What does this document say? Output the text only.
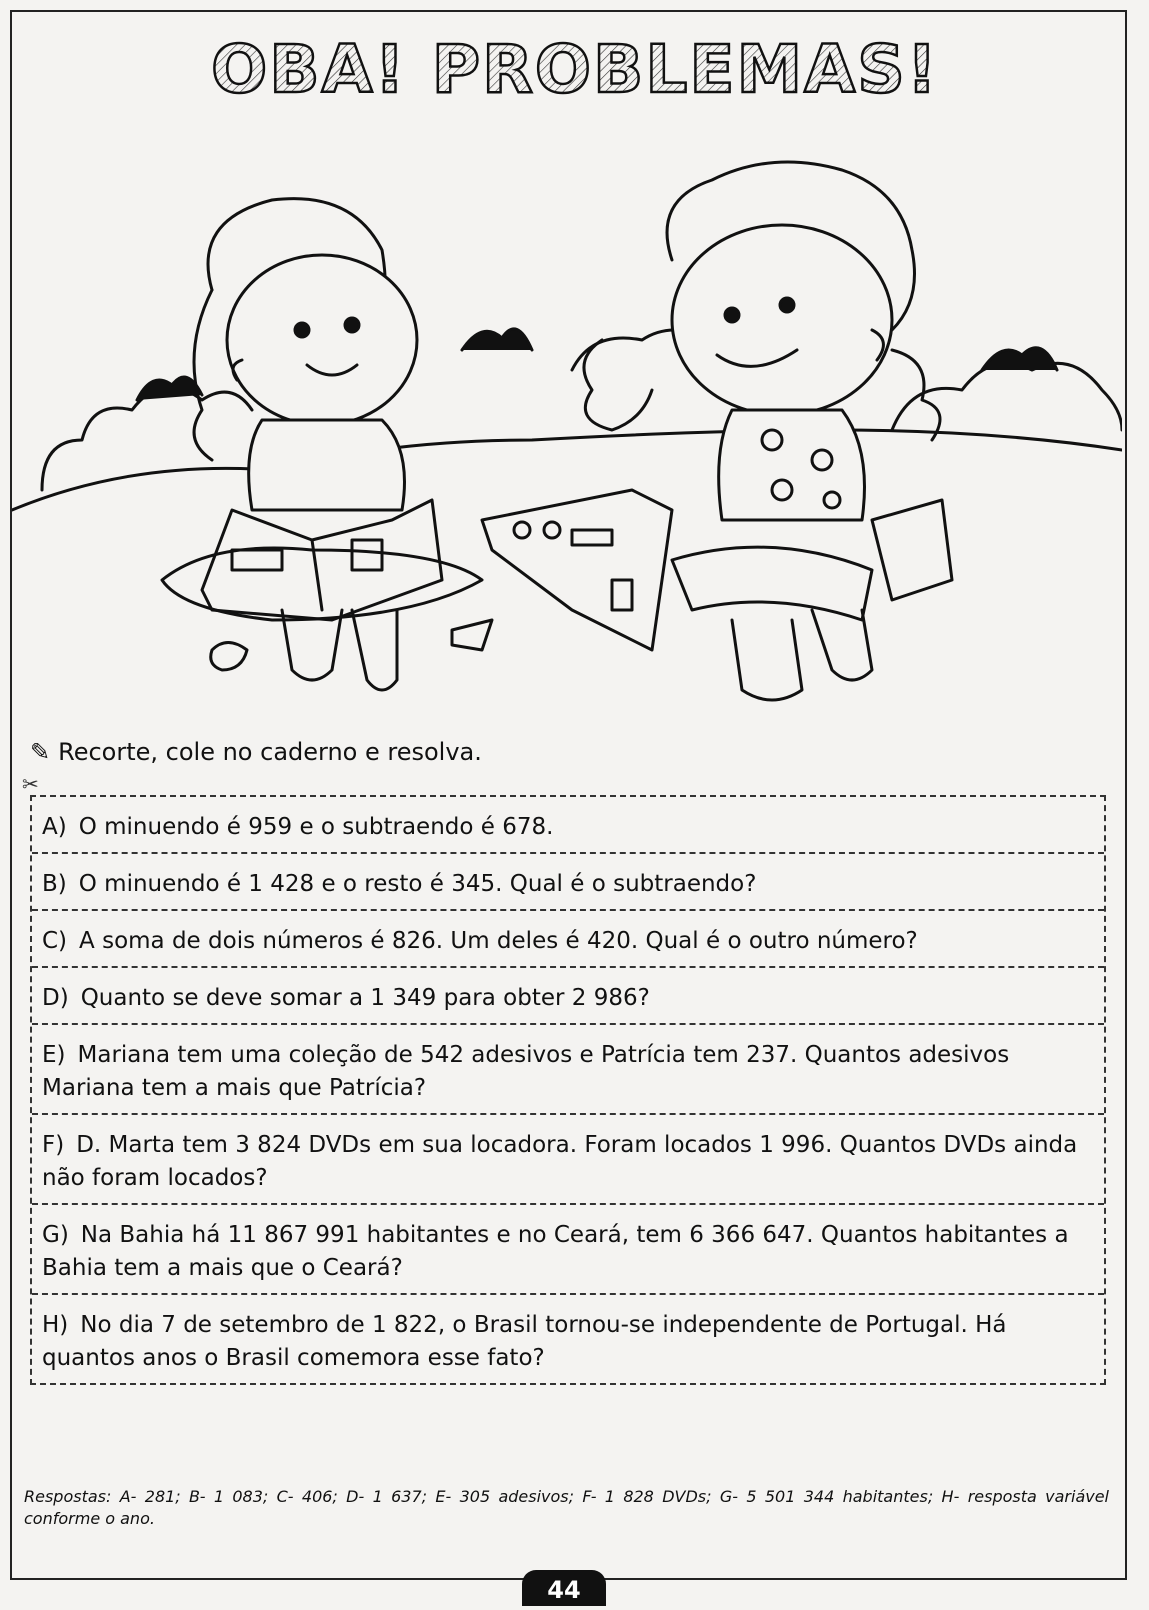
OBA! PROBLEMAS!
✎ Recorte, cole no caderno e resolva.
✂
A) O minuendo é 959 e o subtraendo é 678.
B) O minuendo é 1 428 e o resto é 345. Qual é o subtraendo?
C) A soma de dois números é 826. Um deles é 420. Qual é o outro número?
D) Quanto se deve somar a 1 349 para obter 2 986?
E) Mariana tem uma coleção de 542 adesivos e Patrícia tem 237. Quantos adesivos Mariana tem a mais que Patrícia?
F) D. Marta tem 3 824 DVDs em sua locadora. Foram locados 1 996. Quantos DVDs ainda não foram locados?
G) Na Bahia há 11 867 991 habitantes e no Ceará, tem 6 366 647. Quantos habitantes a Bahia tem a mais que o Ceará?
H) No dia 7 de setembro de 1 822, o Brasil tornou-se independente de Portugal. Há quantos anos o Brasil comemora esse fato?
Respostas: A- 281; B- 1 083; C- 406; D- 1 637; E- 305 adesivos; F- 1 828 DVDs; G- 5 501 344 habitantes; H- resposta variável conforme o ano.
44
